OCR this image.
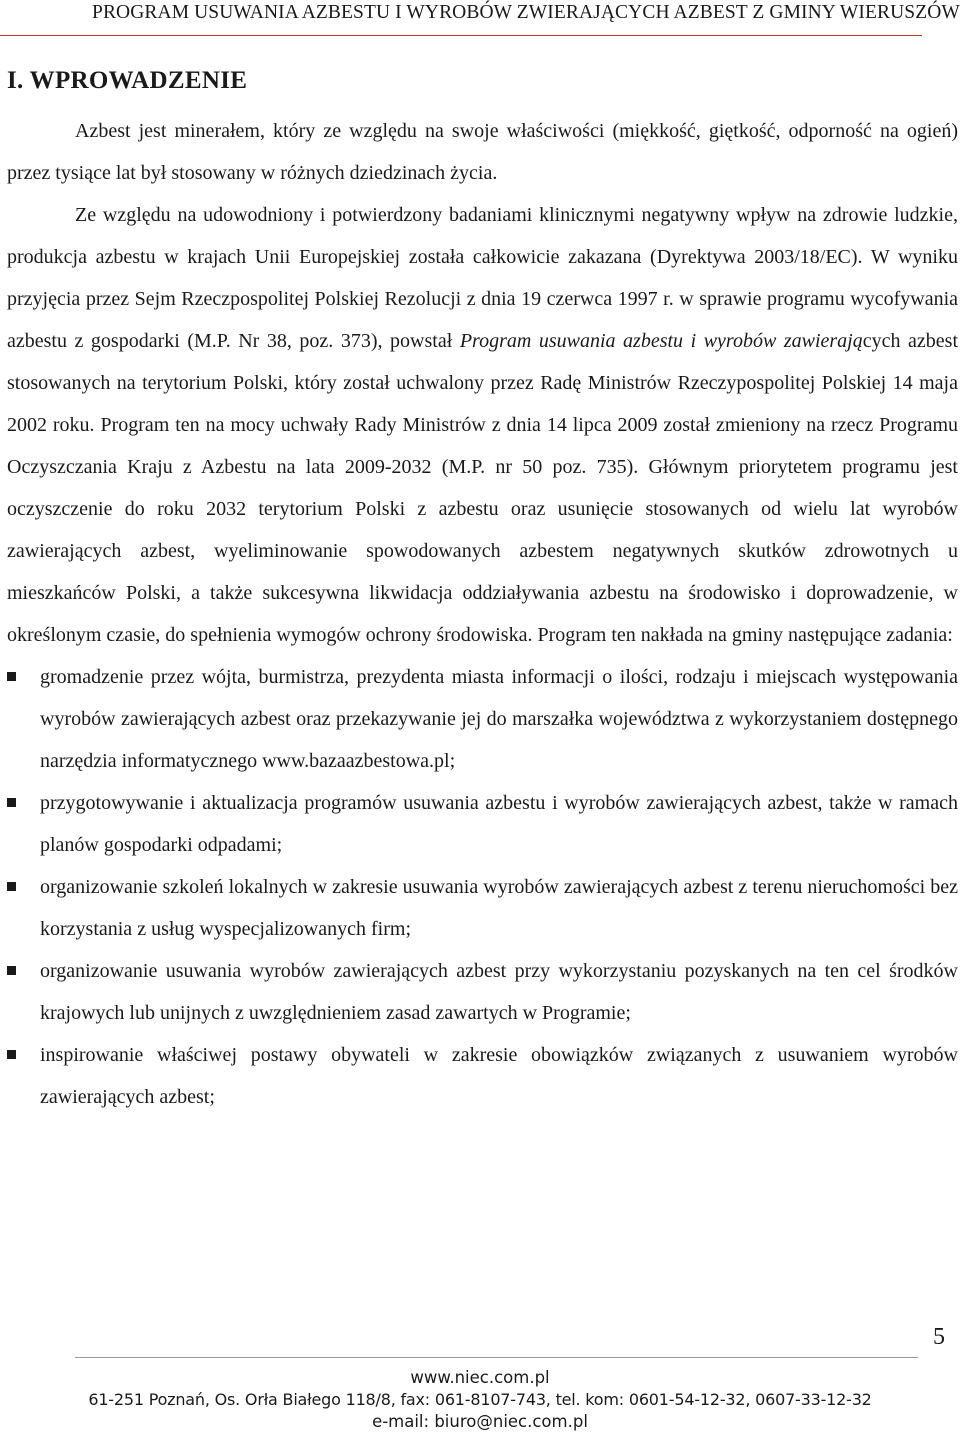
PROGRAM USUWANIA AZBESTU I WYROBÓW ZWIERAJĄCYCH AZBEST Z GMINY WIERUSZÓW
I. WPROWADZENIE

Azbest jest minerałem, który ze względu na swoje właściwości (miękkość, giętkość, odporność na ogień) przez tysiące lat był stosowany w różnych dziedzinach życia.

Ze względu na udowodniony i potwierdzony badaniami klinicznymi negatywny wpływ na zdrowie ludzkie, produkcja azbestu w krajach Unii Europejskiej została całkowicie zakazana (Dyrektywa 2003/18/EC). W wyniku przyjęcia przez Sejm Rzeczpospolitej Polskiej Rezolucji z dnia 19 czerwca 1997 r. w sprawie programu wycofywania azbestu z gospodarki (M.P. Nr 38, poz. 373), powstał Program usuwania azbestu i wyrobów zawierających azbest stosowanych na terytorium Polski, który został uchwalony przez Radę Ministrów Rzeczypospolitej Polskiej 14 maja 2002 roku. Program ten na mocy uchwały Rady Ministrów z dnia 14 lipca 2009 został zmieniony na rzecz Programu Oczyszczania Kraju z Azbestu na lata 2009-2032 (M.P. nr 50 poz. 735). Głównym priorytetem programu jest oczyszczenie do roku 2032 terytorium Polski z azbestu oraz usunięcie stosowanych od wielu lat wyrobów zawierających azbest, wyeliminowanie spowodowanych azbestem negatywnych skutków zdrowotnych u mieszkańców Polski, a także sukcesywna likwidacja oddziaływania azbestu na środowisko i doprowadzenie, w określonym czasie, do spełnienia wymogów ochrony środowiska. Program ten nakłada na gminy następujące zadania:

gromadzenie przez wójta, burmistrza, prezydenta miasta informacji o ilości, rodzaju i miejscach występowania wyrobów zawierających azbest oraz przekazywanie jej do marszałka województwa z wykorzystaniem dostępnego narzędzia informatycznego www.bazaazbestowa.pl;
przygotowywanie i aktualizacja programów usuwania azbestu i wyrobów zawierających azbest, także w ramach planów gospodarki odpadami;
organizowanie szkoleń lokalnych w zakresie usuwania wyrobów zawierających azbest z terenu nieruchomości bez korzystania z usług wyspecjalizowanych firm;
organizowanie usuwania wyrobów zawierających azbest przy wykorzystaniu pozyskanych na ten cel środków krajowych lub unijnych z uwzględnieniem zasad zawartych w Programie;
inspirowanie właściwej postawy obywateli w zakresie obowiązków związanych z usuwaniem wyrobów zawierających azbest;
5
www.niec.com.pl
61-251 Poznań, Os. Orła Białego 118/8, fax: 061-8107-743, tel. kom: 0601-54-12-32, 0607-33-12-32
e-mail: biuro@niec.com.pl
